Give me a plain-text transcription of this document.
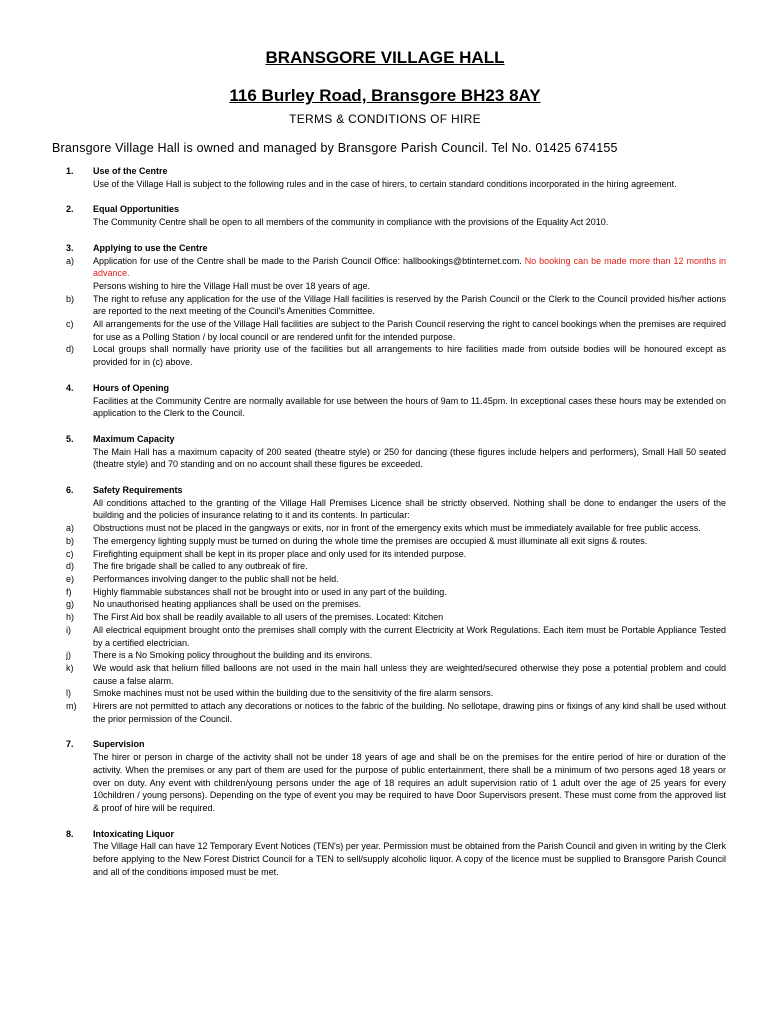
BRANSGORE VILLAGE HALL
116 Burley Road, Bransgore BH23 8AY
TERMS & CONDITIONS OF HIRE
Bransgore Village Hall is owned and managed by Bransgore Parish Council. Tel No. 01425 674155
1.	Use of the Centre
Use of the Village Hall is subject to the following rules and in the case of hirers, to certain standard conditions incorporated in the hiring agreement.
2.	Equal Opportunities
The Community Centre shall be open to all members of the community in compliance with the provisions of the Equality Act 2010.
3.	Applying to use the Centre
a)	Application for use of the Centre shall be made to the Parish Council Office: hallbookings@btinternet.com. No booking can be made more than 12 months in advance.
Persons wishing to hire the Village Hall must be over 18 years of age.
b)	The right to refuse any application for the use of the Village Hall facilities is reserved by the Parish Council or the Clerk to the Council provided his/her actions are reported to the next meeting of the Council's Amenities Committee.
c)	All arrangements for the use of the Village Hall facilities are subject to the Parish Council reserving the right to cancel bookings when the premises are required for use as a Polling Station / by local council or are rendered unfit for the intended purpose.
d)	Local groups shall normally have priority use of the facilities but all arrangements to hire facilities made from outside bodies will be honoured except as provided for in (c) above.
4.	Hours of Opening
Facilities at the Community Centre are normally available for use between the hours of 9am to 11.45pm. In exceptional cases these hours may be extended on application to the Clerk to the Council.
5.	Maximum Capacity
The Main Hall has a maximum capacity of 200 seated (theatre style) or 250 for dancing (these figures include helpers and performers), Small Hall 50 seated (theatre style) and 70 standing and on no account shall these figures be exceeded.
6.	Safety Requirements
All conditions attached to the granting of the Village Hall Premises Licence shall be strictly observed. Nothing shall be done to endanger the users of the building and the policies of insurance relating to it and its contents. In particular:
a)	Obstructions must not be placed in the gangways or exits, nor in front of the emergency exits which must be immediately available for free public access.
b)	The emergency lighting supply must be turned on during the whole time the premises are occupied & must illuminate all exit signs & routes.
c)	Firefighting equipment shall be kept in its proper place and only used for its intended purpose.
d)	The fire brigade shall be called to any outbreak of fire.
e)	Performances involving danger to the public shall not be held.
f)	Highly flammable substances shall not be brought into or used in any part of the building.
g)	No unauthorised heating appliances shall be used on the premises.
h)	The First Aid box shall be readily available to all users of the premises. Located: Kitchen
i)	All electrical equipment brought onto the premises shall comply with the current Electricity at Work Regulations. Each item must be Portable Appliance Tested by a certified electrician.
j)	There is a No Smoking policy throughout the building and its environs.
k)	We would ask that helium filled balloons are not used in the main hall unless they are weighted/secured otherwise they pose a potential problem and could cause a false alarm.
l)	Smoke machines must not be used within the building due to the sensitivity of the fire alarm sensors.
m)	Hirers are not permitted to attach any decorations or notices to the fabric of the building. No sellotape, drawing pins or fixings of any kind shall be used without the prior permission of the Council.
7.	Supervision
The hirer or person in charge of the activity shall not be under 18 years of age and shall be on the premises for the entire period of hire or duration of the activity. When the premises or any part of them are used for the purpose of public entertainment, there shall be a minimum of two persons aged 18 years or over on duty. Any event with children/young persons under the age of 18 requires an adult supervision ratio of 1 adult over the age of 25 years for every 10children / young persons). Depending on the type of event you may be required to have Door Supervisors present. These must come from the approved list & proof of hire will be required.
8.	Intoxicating Liquor
The Village Hall can have 12 Temporary Event Notices (TEN's) per year. Permission must be obtained from the Parish Council and given in writing by the Clerk before applying to the New Forest District Council for a TEN to sell/supply alcoholic liquor. A copy of the licence must be supplied to Bransgore Parish Council and all of the conditions imposed must be met.
